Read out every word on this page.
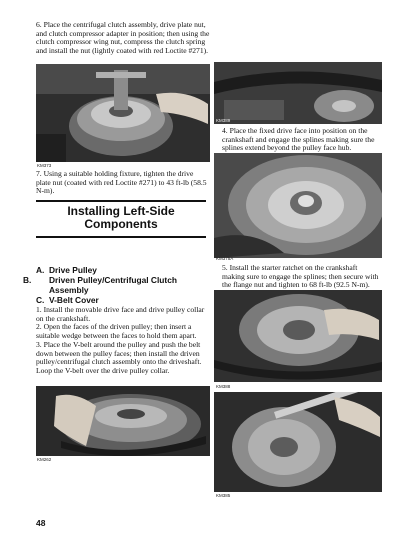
6. Place the centrifugal clutch assembly, drive plate nut, and clutch compressor adapter in position; then using the clutch compressor wing nut, compress the clutch spring and install the nut (lightly coated with red Loctite #271).
KM373
7. Using a suitable holding fixture, tighten the drive plate nut (coated with red Loctite #271) to 43 ft-lb (58.5 N-m).
Installing Left-Side
Components
A. Drive Pulley
B. Driven Pulley/Centrifugal Clutch Assembly
C. V-Belt Cover
1. Install the movable drive face and drive pulley collar on the crankshaft.
2. Open the faces of the driven pulley; then insert a suitable wedge between the faces to hold them apart.
3. Place the V-belt around the pulley and push the belt down between the pulley faces; then install the driven pulley/centrifugal clutch assembly onto the driveshaft. Loop the V-belt over the drive pulley collar.
KM262
KM389
4. Place the fixed drive face into position on the crankshaft and engage the splines making sure the splines extend beyond the pulley face hub.
KM375A
5. Install the starter ratchet on the crankshaft making sure to engage the splines; then secure with the flange nut and tighten to 68 ft-lb (92.5 N-m).
KM388
KM385
48
